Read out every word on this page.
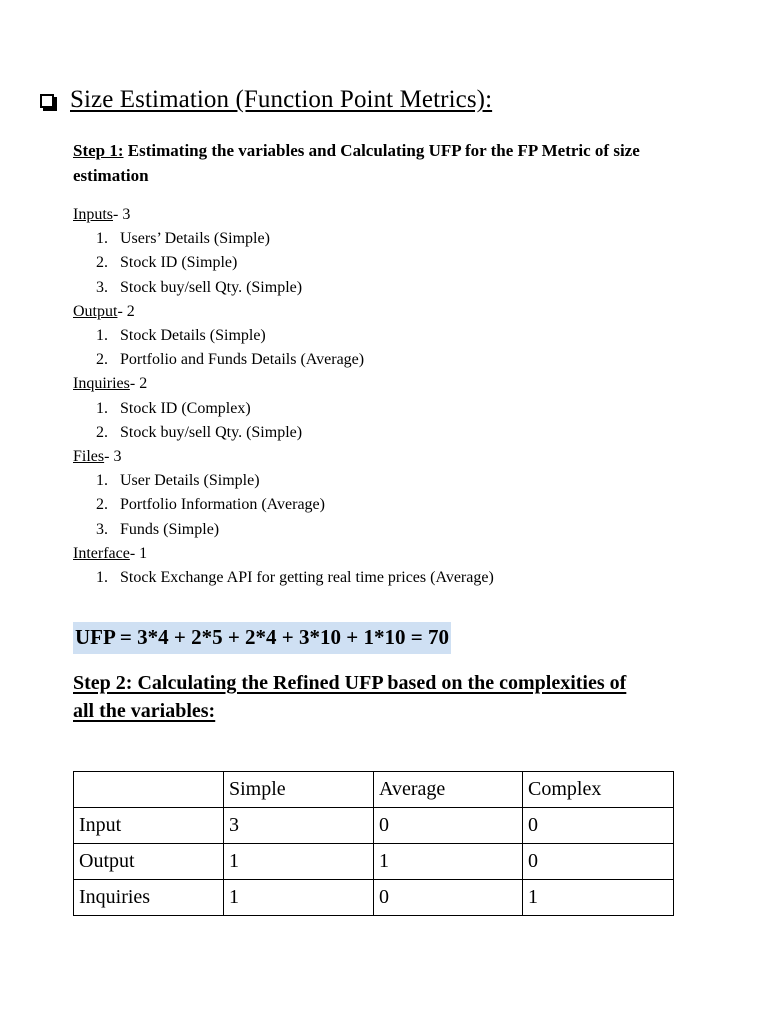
Size Estimation (Function Point Metrics):
Step 1: Estimating the variables and Calculating UFP for the FP Metric of size estimation
Inputs- 3
1. Users’ Details (Simple)
2. Stock ID (Simple)
3. Stock buy/sell Qty. (Simple)
Output- 2
1. Stock Details (Simple)
2. Portfolio and Funds Details (Average)
Inquiries- 2
1. Stock ID (Complex)
2. Stock buy/sell Qty. (Simple)
Files- 3
1. User Details (Simple)
2. Portfolio Information (Average)
3. Funds (Simple)
Interface- 1
1. Stock Exchange API for getting real time prices (Average)
UFP = 3*4 + 2*5 + 2*4 + 3*10 + 1*10 = 70
Step 2: Calculating the Refined UFP based on the complexities of all the variables:
	Simple	Average	Complex
Input	3	0	0
Output	1	1	0
Inquiries	1	0	1
